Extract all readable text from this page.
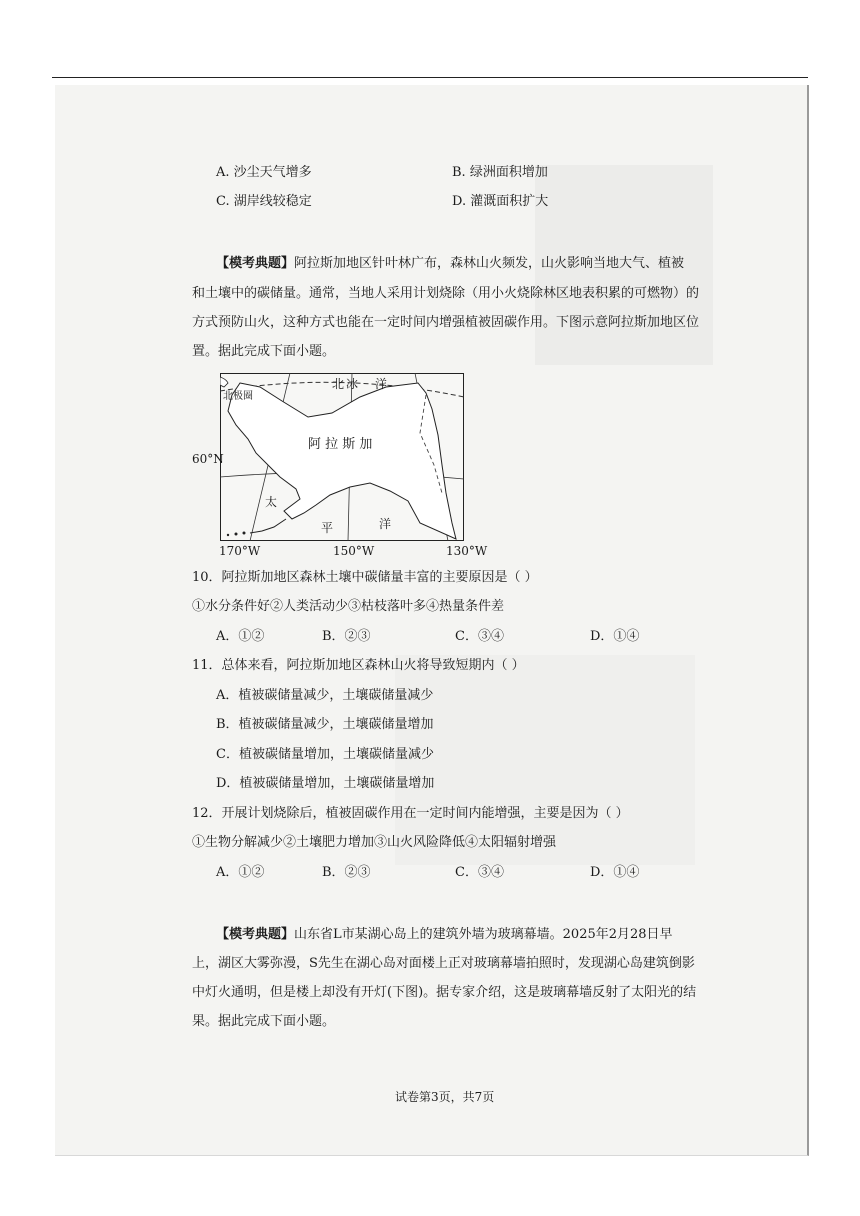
A. 沙尘天气增多	B. 绿洲面积增加
C. 湖岸线较稳定	D. 灌溉面积扩大
【模考典题】阿拉斯加地区针叶林广布，森林山火频发，山火影响当地大气、植被
和土壤中的碳储量。通常，当地人采用计划烧除（用小火烧除林区地表积累的可燃物）的
方式预防山火，这种方式也能在一定时间内增强植被固碳作用。下图示意阿拉斯加地区位
置。据此完成下面小题。
北极圈
北 冰 洋
阿 拉 斯 加
太
平	洋
60°N
170°W	150°W	130°W
10．阿拉斯加地区森林土壤中碳储量丰富的主要原因是（ ）
①水分条件好②人类活动少③枯枝落叶多④热量条件差
A．①②	B．②③	C．③④	D．①④
11．总体来看，阿拉斯加地区森林山火将导致短期内（ ）
A．植被碳储量减少，土壤碳储量减少
B．植被碳储量减少，土壤碳储量增加
C．植被碳储量增加，土壤碳储量减少
D．植被碳储量增加，土壤碳储量增加
12．开展计划烧除后，植被固碳作用在一定时间内能增强，主要是因为（ ）
①生物分解减少②土壤肥力增加③山火风险降低④太阳辐射增强
A．①②	B．②③	C．③④	D．①④
【模考典题】山东省L市某湖心岛上的建筑外墙为玻璃幕墙。2025年2月28日早
上，湖区大雾弥漫，S先生在湖心岛对面楼上正对玻璃幕墙拍照时，发现湖心岛建筑倒影
中灯火通明，但是楼上却没有开灯(下图)。据专家介绍，这是玻璃幕墙反射了太阳光的结
果。据此完成下面小题。
试卷第3页，共7页
